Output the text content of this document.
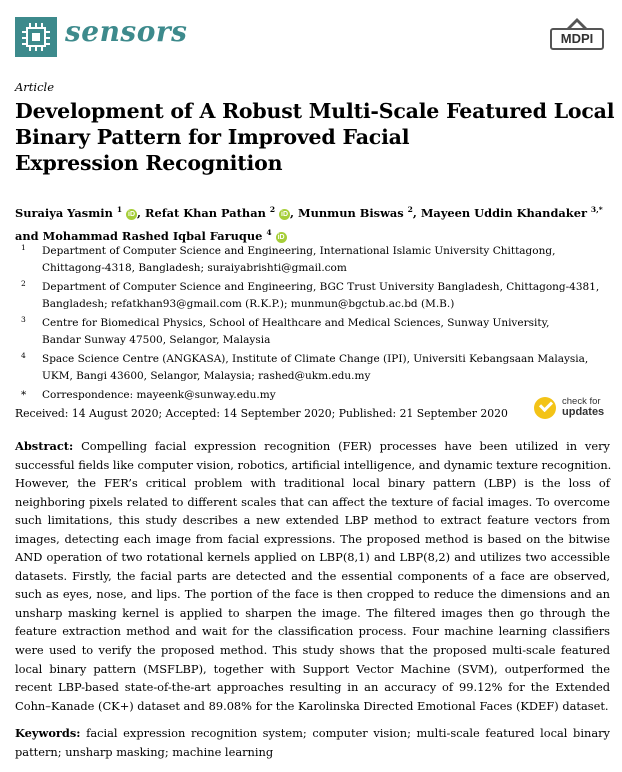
sensors	MDPI
Article
Development of A Robust Multi-Scale Featured Local
Binary Pattern for Improved Facial
Expression Recognition
Suraiya Yasmin $^1$ iD , Refat Khan Pathan $^2$ iD , Munmun Biswas $^2$, Mayeen Uddin Khandaker $^{3,*}$
and Mohammad Rashed Iqbal Faruque $^4$ iD
1 Department of Computer Science and Engineering, International Islamic University Chittagong,
Chittagong-4318, Bangladesh; suraiyabrishti@gmail.com
2 Department of Computer Science and Engineering, BGC Trust University Bangladesh, Chittagong-4381,
Bangladesh; refatkhan93@gmail.com (R.K.P.); munmun@bgctub.ac.bd (M.B.)
3 Centre for Biomedical Physics, School of Healthcare and Medical Sciences, Sunway University,
Bandar Sunway 47500, Selangor, Malaysia
4 Space Science Centre (ANGKASA), Institute of Climate Change (IPI), Universiti Kebangsaan Malaysia,
UKM, Bangi 43600, Selangor, Malaysia; rashed@ukm.edu.my
* Correspondence: mayeenk@sunway.edu.my
Received: 14 August 2020; Accepted: 14 September 2020; Published: 21 September 2020
check for
updates
Abstract: Compelling facial expression recognition (FER) processes have been utilized in very
successful fields like computer vision, robotics, artificial intelligence, and dynamic texture recognition.
However, the FER’s critical problem with traditional local binary pattern (LBP) is the loss of
neighboring pixels related to different scales that can affect the texture of facial images. To overcome
such limitations, this study describes a new extended LBP method to extract feature vectors from
images, detecting each image from facial expressions. The proposed method is based on the bitwise
AND operation of two rotational kernels applied on LBP(8,1) and LBP(8,2) and utilizes two accessible
datasets. Firstly, the facial parts are detected and the essential components of a face are observed,
such as eyes, nose, and lips. The portion of the face is then cropped to reduce the dimensions and an
unsharp masking kernel is applied to sharpen the image. The filtered images then go through the
feature extraction method and wait for the classification process. Four machine learning classifiers
were used to verify the proposed method. This study shows that the proposed multi-scale featured
local binary pattern (MSFLBP), together with Support Vector Machine (SVM), outperformed the
recent LBP-based state-of-the-art approaches resulting in an accuracy of 99.12% for the Extended
Cohn–Kanade (CK+) dataset and 89.08% for the Karolinska Directed Emotional Faces (KDEF) dataset.
Keywords: facial expression recognition system; computer vision; multi-scale featured local binary
pattern; unsharp masking; machine learning
